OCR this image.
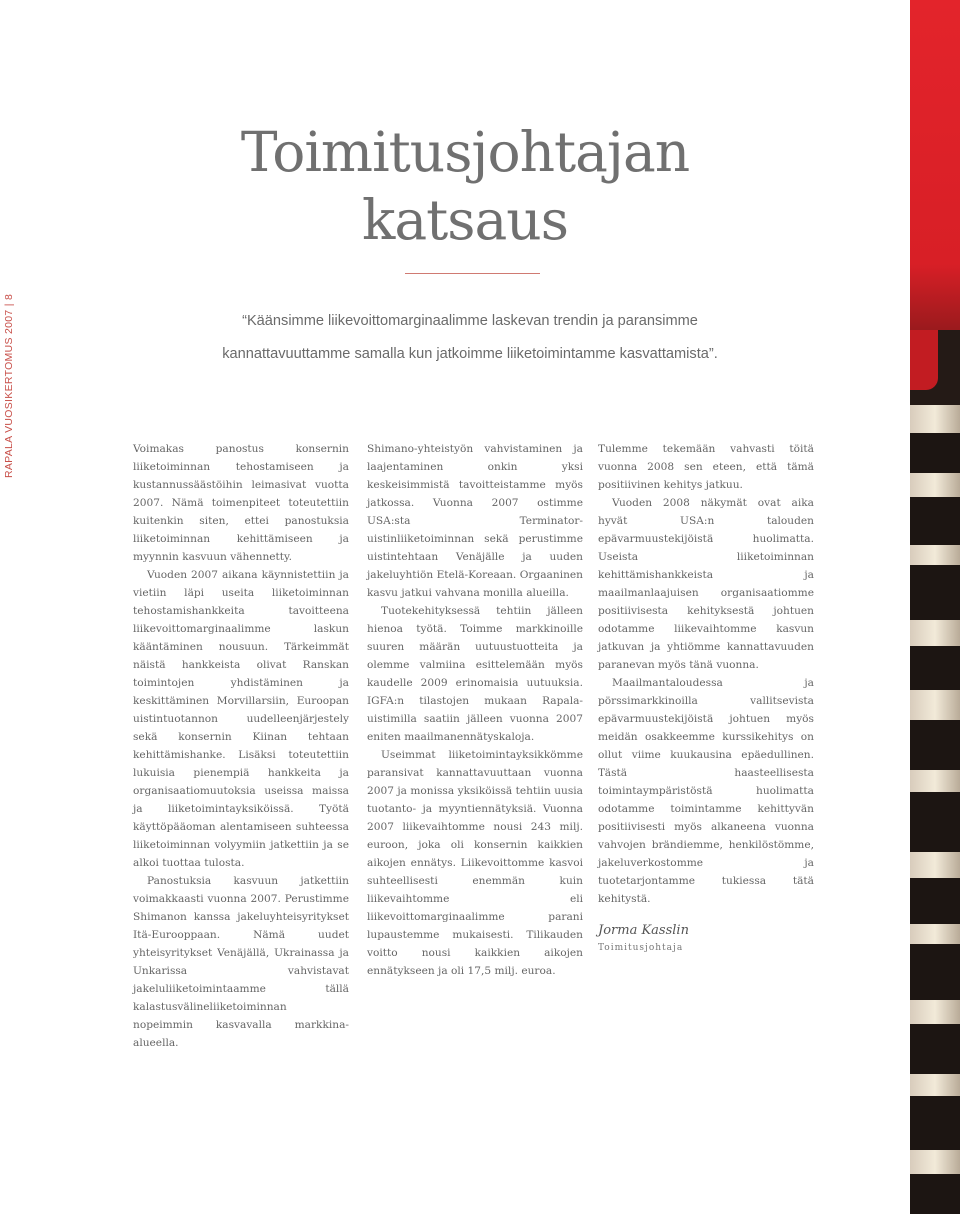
RAPALA VUOSIKERTOMUS 2007 | 8
Toimitusjohtajan
katsaus

“Käänsimme liikevoittomarginaalimme laskevan trendin ja paransimme kannattavuuttamme samalla kun jatkoimme liiketoimintamme kasvattamista”.

Voimakas panostus konsernin liiketoiminnan tehostamiseen ja kustannussäästöihin leimasivat vuotta 2007. Nämä toimenpiteet toteutettiin kuitenkin siten, ettei panostuksia liiketoiminnan kehittämiseen ja myynnin kasvuun vähennetty.

Vuoden 2007 aikana käynnistettiin ja vietiin läpi useita liiketoiminnan tehostamishankkeita tavoitteena liikevoittomarginaalimme laskun kääntäminen nousuun. Tärkeimmät näistä hankkeista olivat Ranskan toimintojen yhdistäminen ja keskittäminen Morvillarsiin, Euroopan uistintuotannon uudelleenjärjestely sekä konsernin Kiinan tehtaan kehittämishanke. Lisäksi toteutettiin lukuisia pienempiä hankkeita ja organisaatiomuutoksia useissa maissa ja liiketoimintayksiköissä. Työtä käyttöpääoman alentamiseen suhteessa liiketoiminnan volyymiin jatkettiin ja se alkoi tuottaa tulosta.

Panostuksia kasvuun jatkettiin voimakkaasti vuonna 2007. Perustimme Shimanon kanssa jakeluyhteisyritykset Itä-Eurooppaan. Nämä uudet yhteisyritykset Venäjällä, Ukrainassa ja Unkarissa vahvistavat jakeluliiketoimintaamme tällä kalastusvälineliiketoiminnan nopeimmin kasvavalla markkina-alueella.

Shimano-yhteistyön vahvistaminen ja laajentaminen onkin yksi keskeisimmistä tavoitteistamme myös jatkossa. Vuonna 2007 ostimme USA:sta Terminator-uistinliiketoiminnan sekä perustimme uistintehtaan Venäjälle ja uuden jakeluyhtiön Etelä-Koreaan. Orgaaninen kasvu jatkui vahvana monilla alueilla.

Tuotekehityksessä tehtiin jälleen hienoa työtä. Toimme markkinoille suuren määrän uutuustuotteita ja olemme valmiina esittelemään myös kaudelle 2009 erinomaisia uutuuksia. IGFA:n tilastojen mukaan Rapala-uistimilla saatiin jälleen vuonna 2007 eniten maailmanennätyskaloja.

Useimmat liiketoimintayksikkömme paransivat kannattavuuttaan vuonna 2007 ja monissa yksiköissä tehtiin uusia tuotanto- ja myyntiennätyksiä. Vuonna 2007 liikevaihtomme nousi 243 milj. euroon, joka oli konsernin kaikkien aikojen ennätys. Liikevoittomme kasvoi suhteellisesti enemmän kuin liikevaihtomme eli liikevoittomarginaalimme parani lupaustemme mukaisesti. Tilikauden voitto nousi kaikkien aikojen ennätykseen ja oli 17,5 milj. euroa.

Tulemme tekemään vahvasti töitä vuonna 2008 sen eteen, että tämä positiivinen kehitys jatkuu.

Vuoden 2008 näkymät ovat aika hyvät USA:n talouden epävarmuustekijöistä huolimatta. Useista liiketoiminnan kehittämishankkeista ja maailmanlaajuisen organisaatiomme positiivisesta kehityksestä johtuen odotamme liikevaihtomme kasvun jatkuvan ja yhtiömme kannattavuuden paranevan myös tänä vuonna.

Maailmantaloudessa ja pörssimarkkinoilla vallitsevista epävarmuustekijöistä johtuen myös meidän osakkeemme kurssikehitys on ollut viime kuukausina epäedullinen. Tästä haasteellisesta toimintaympäristöstä huolimatta odotamme toimintamme kehittyvän positiivisesti myös alkaneena vuonna vahvojen brändiemme, henkilöstömme, jakeluverkostomme ja tuotetarjontamme tukiessa tätä kehitystä.

Jorma Kasslin
Toimitusjohtaja
